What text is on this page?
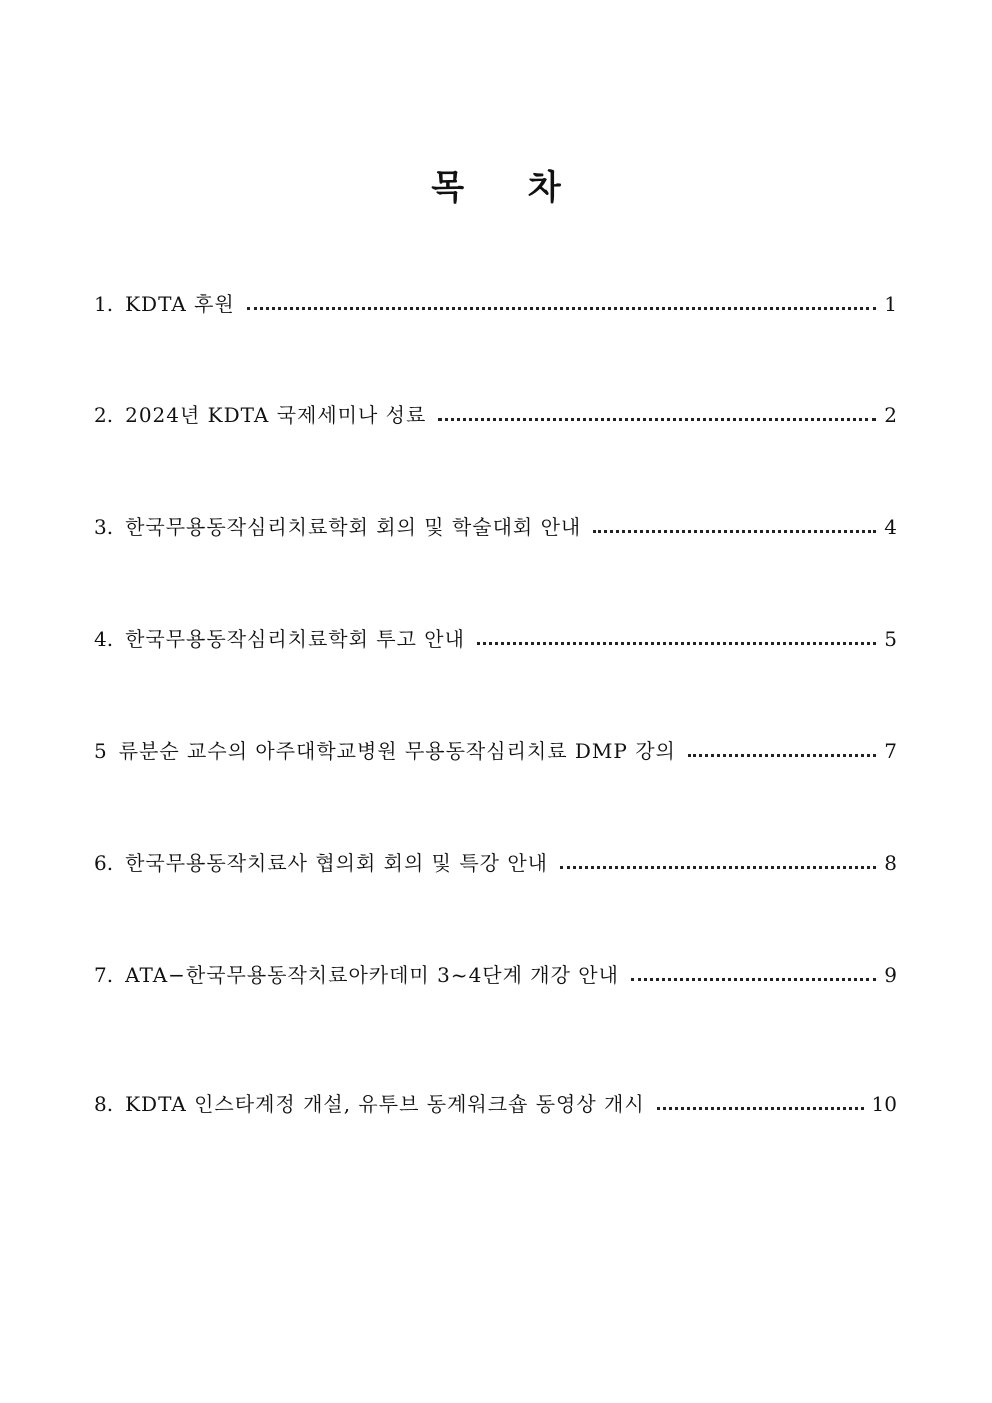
목 차
1. KDTA 후원	1
2. 2024년 KDTA 국제세미나 성료	2
3. 한국무용동작심리치료학회 회의 및 학술대회 안내	4
4. 한국무용동작심리치료학회 투고 안내	5
5 류분순 교수의 아주대학교병원 무용동작심리치료 DMP 강의	7
6. 한국무용동작치료사 협의회 회의 및 특강 안내	8
7. ATA−한국무용동작치료아카데미 3~4단계 개강 안내	9
8. KDTA 인스타계정 개설, 유투브 동계워크숍 동영상 개시	10
